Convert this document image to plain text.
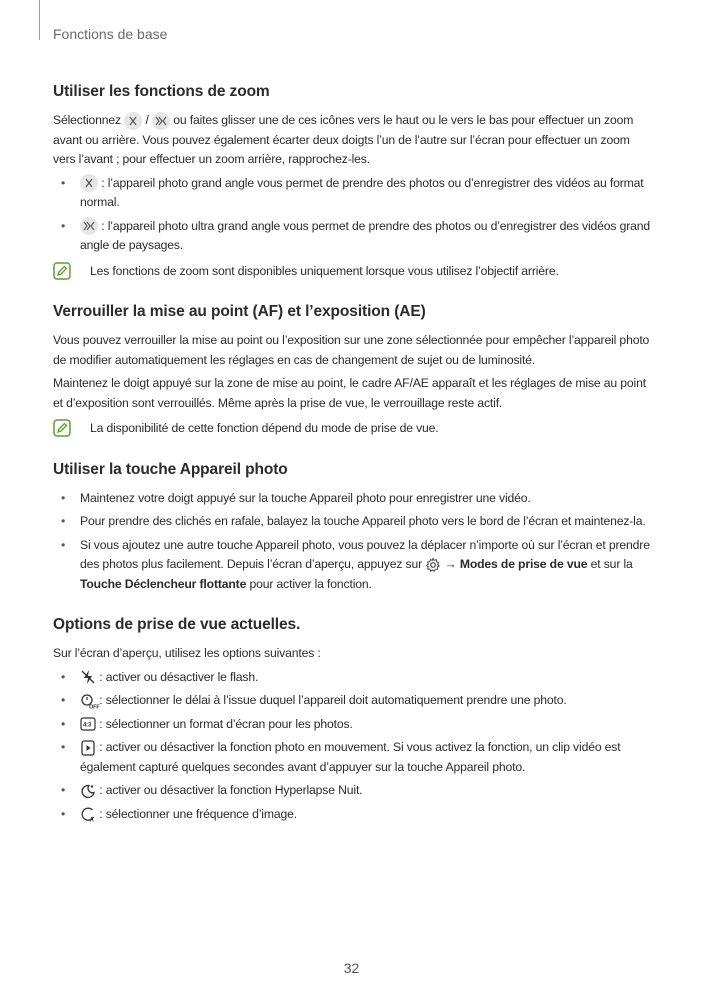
Fonctions de base
Utiliser les fonctions de zoom

Sélectionnez / ou faites glisser une de ces icônes vers le haut ou le vers le bas pour effectuer un zoom avant ou arrière. Vous pouvez également écarter deux doigts l’un de l’autre sur l’écran pour effectuer un zoom vers l’avant ; pour effectuer un zoom arrière, rapprochez-les.

•	: l’appareil photo grand angle vous permet de prendre des photos ou d’enregistrer des vidéos au format normal.
•	: l’appareil photo ultra grand angle vous permet de prendre des photos ou d’enregistrer des vidéos grand angle de paysages.
Les fonctions de zoom sont disponibles uniquement lorsque vous utilisez l’objectif arrière.
Verrouiller la mise au point (AF) et l’exposition (AE)

Vous pouvez verrouiller la mise au point ou l’exposition sur une zone sélectionnée pour empêcher l’appareil photo de modifier automatiquement les réglages en cas de changement de sujet ou de luminosité.

Maintenez le doigt appuyé sur la zone de mise au point, le cadre AF/AE apparaît et les réglages de mise au point et d’exposition sont verrouillés. Même après la prise de vue, le verrouillage reste actif.

La disponibilité de cette fonction dépend du mode de prise de vue.
Utiliser la touche Appareil photo
• Maintenez votre doigt appuyé sur la touche Appareil photo pour enregistrer une vidéo.
• Pour prendre des clichés en rafale, balayez la touche Appareil photo vers le bord de l’écran et maintenez-la.
• Si vous ajoutez une autre touche Appareil photo, vous pouvez la déplacer n’importe où sur l’écran et prendre des photos plus facilement. Depuis l’écran d’aperçu, appuyez sur → Modes de prise de vue et sur la Touche Déclencheur flottante pour activer la fonction.
Options de prise de vue actuelles.

Sur l’écran d’aperçu, utilisez les options suivantes :

•	: activer ou désactiver le flash.
•
OFF
: sélectionner le délai à l’issue duquel l’appareil doit automatiquement prendre une photo.
•	4:3 : sélectionner un format d’écran pour les photos.
•	: activer ou désactiver la fonction photo en mouvement. Si vous activez la fonction, un clip vidéo est également capturé quelques secondes avant d’appuyer sur la touche Appareil photo.
•	: activer ou désactiver la fonction Hyperlapse Nuit.
•
A
: sélectionner une fréquence d’image.
32
